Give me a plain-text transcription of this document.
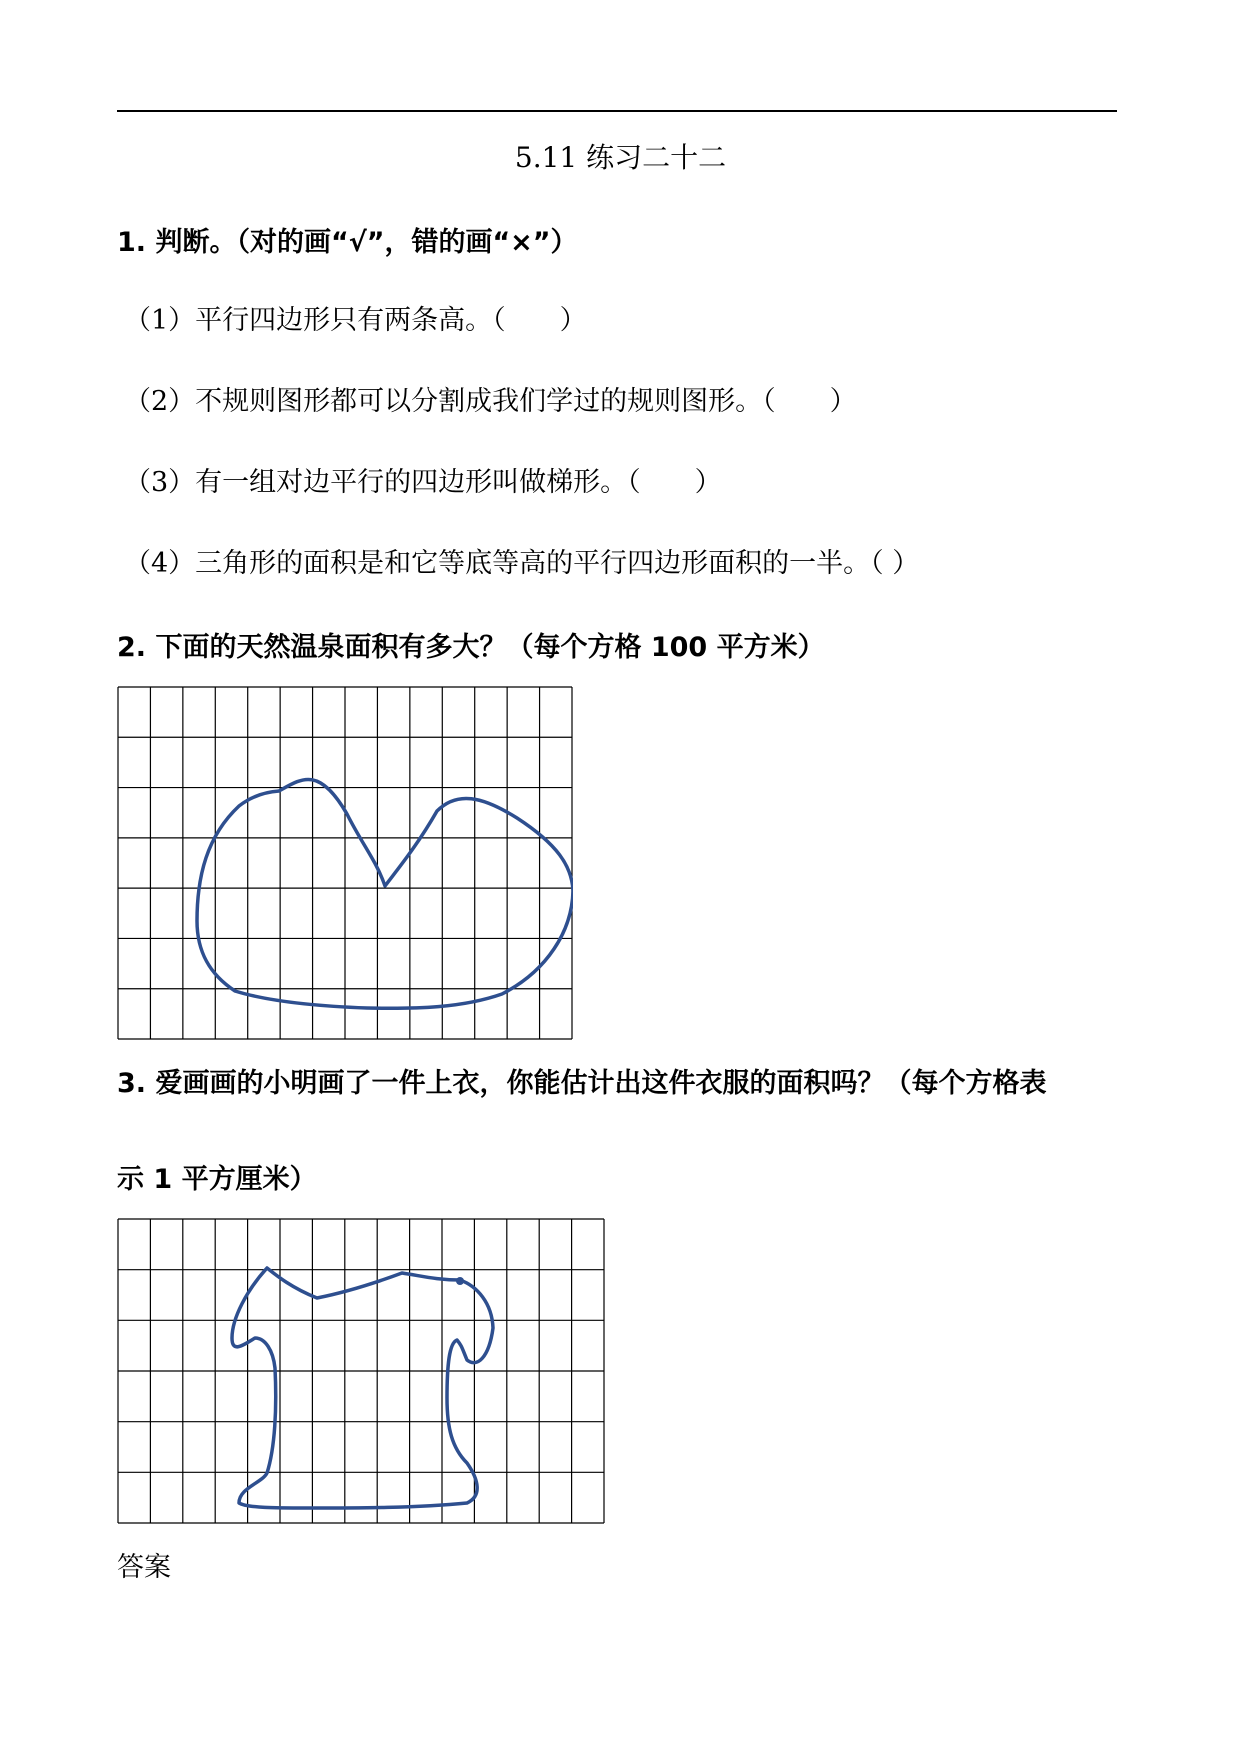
5.11 练习二十二
1. 判断。（对的画“√”，错的画“×”）
（1）平行四边形只有两条高。（　　）
（2）不规则图形都可以分割成我们学过的规则图形。（　　）
（3）有一组对边平行的四边形叫做梯形。（　　）
（4）三角形的面积是和它等底等高的平行四边形面积的一半。（ ）
2. 下面的天然温泉面积有多大？（每个方格 100 平方米）
3. 爱画画的小明画了一件上衣，你能估计出这件衣服的面积吗？（每个方格表
示 1 平方厘米）
答案
